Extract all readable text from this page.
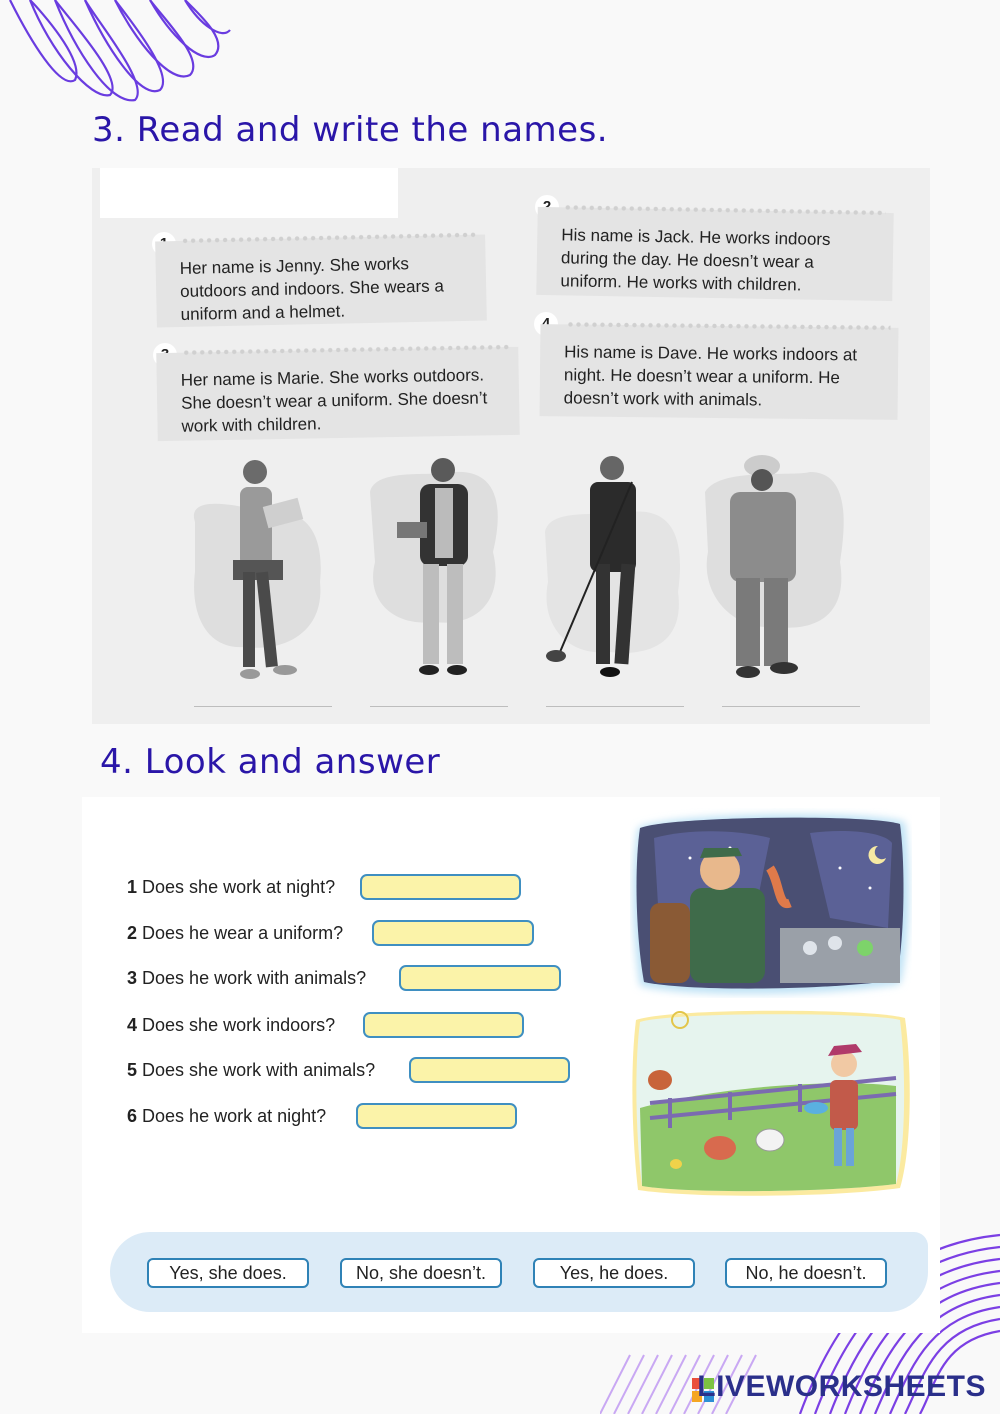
3. Read and write the names.
Her name is Jenny. She works outdoors and indoors. She wears a uniform and a helmet.
His name is Jack. He works indoors during the day. He doesn’t wear a uniform. He works with children.
Her name is Marie. She works outdoors. She doesn’t wear a uniform. She doesn’t work with children.
His name is Dave. He works indoors at night. He doesn’t wear a uniform. He doesn’t work with animals.
4. Look and answer
1 Does she work at night?
2 Does he wear a uniform?
3 Does he work with animals?
4 Does she work indoors?
5 Does she work with animals?
6 Does he work at night?
Yes, she does.	No, she doesn’t.	Yes, he does.	No, he doesn’t.
LIVEWORKSHEETS
